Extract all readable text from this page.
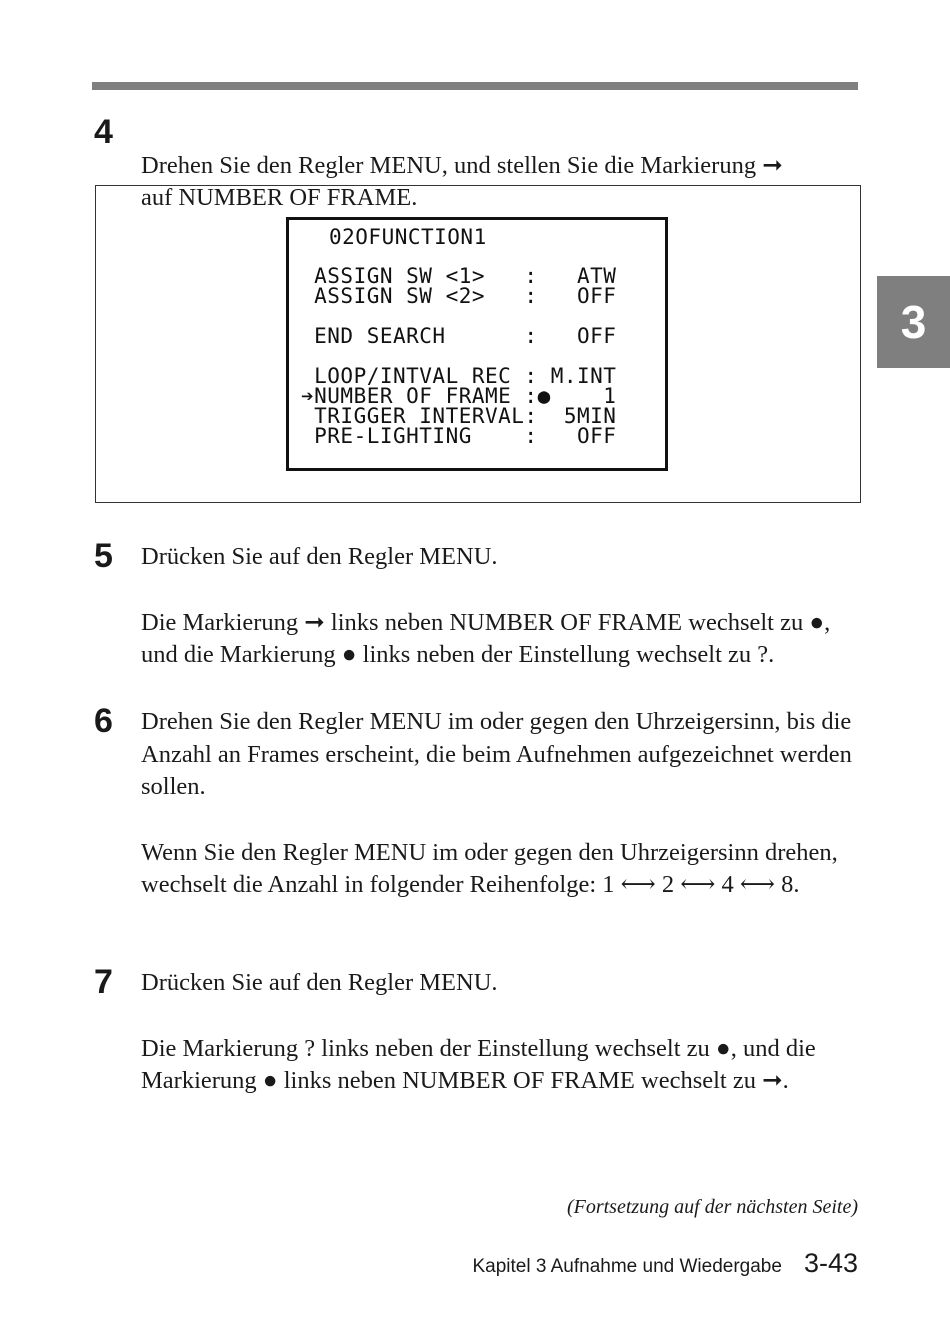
3
4

Drehen Sie den Regler MENU, und stellen Sie die Markierung ➞
auf NUMBER OF FRAME.

02OFUNCTION1
ASSIGN SW <1>   :   ATW
ASSIGN SW <2>   :   OFF
END SEARCH      :   OFF
LOOP/INTVAL REC : M.INT
➔NUMBER OF FRAME :●    1
TRIGGER INTERVAL:  5MIN
PRE-LIGHTING    :   OFF
5 Drücken Sie auf den Regler MENU.

Die Markierung ➞ links neben NUMBER OF FRAME wechselt zu ●, und die Markierung ● links neben der Einstellung wechselt zu ?.

6 Drehen Sie den Regler MENU im oder gegen den Uhrzeigersinn, bis die Anzahl an Frames erscheint, die beim Aufnehmen aufgezeichnet werden sollen.

Wenn Sie den Regler MENU im oder gegen den Uhrzeigersinn drehen, wechselt die Anzahl in folgender Reihenfolge: 1 ⟷ 2 ⟷ 4 ⟷ 8.

7 Drücken Sie auf den Regler MENU.

Die Markierung ? links neben der Einstellung wechselt zu ●, und die Markierung ● links neben NUMBER OF FRAME wechselt zu ➞.

(Fortsetzung auf der nächsten Seite)
Kapitel 3 Aufnahme und Wiedergabe 3-43
